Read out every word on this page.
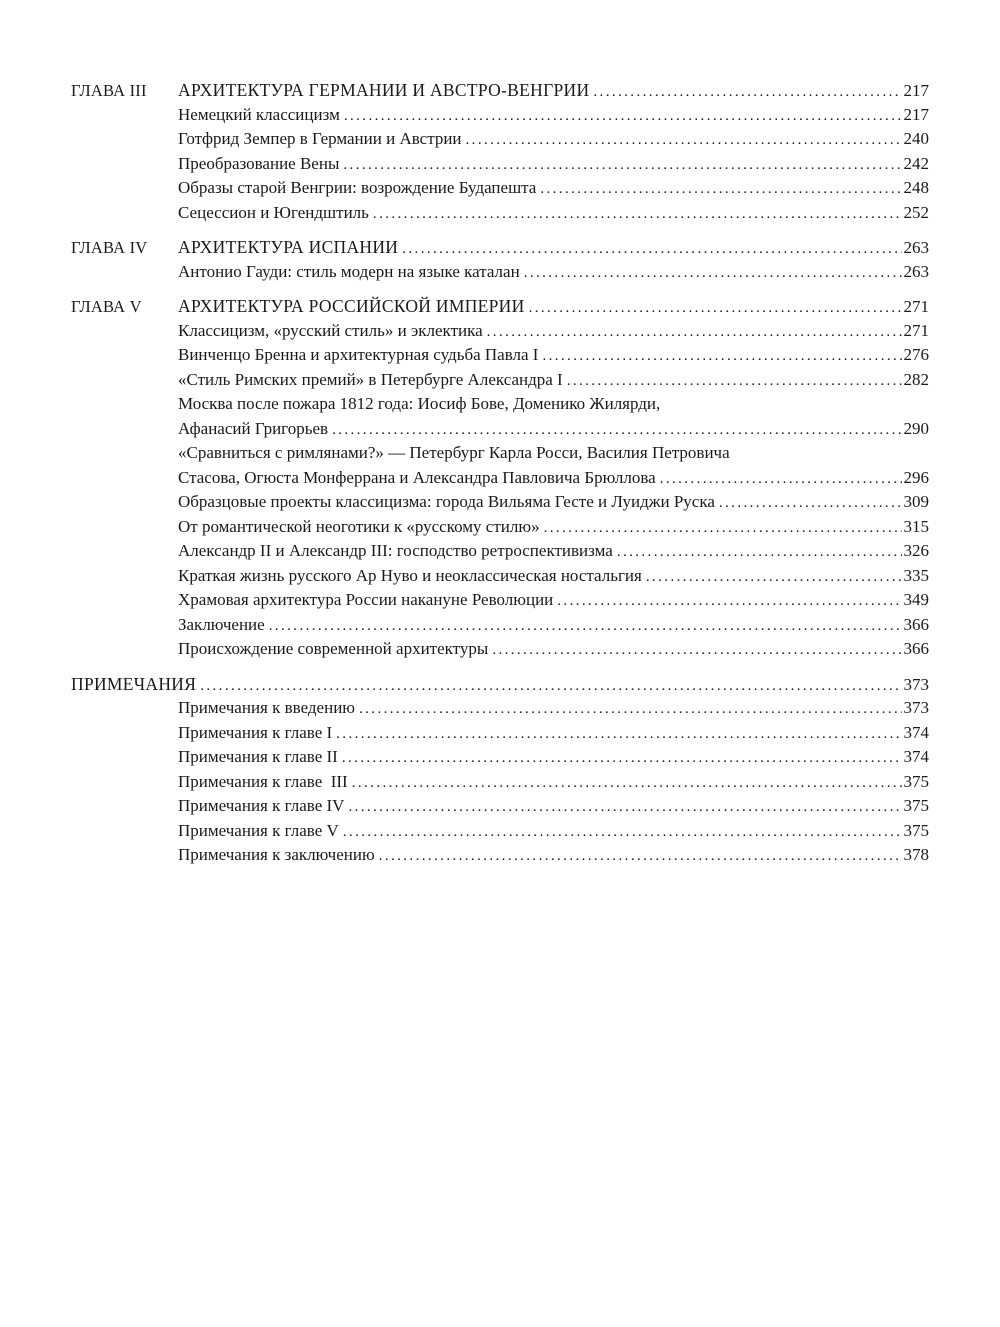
ГЛАВА III	АРХИТЕКТУРА ГЕРМАНИИ И АВСТРО-ВЕНГРИИ .....	217
Немецкий классицизм .....	217
Готфрид Земпер в Германии и Австрии .....	240
Преобразование Вены .....	242
Образы старой Венгрии: возрождение Будапешта .....	248
Сецессион и Югендштиль .....	252
ГЛАВА IV	АРХИТЕКТУРА ИСПАНИИ .....	263
Антонио Гауди: стиль модерн на языке каталан .....	263
ГЛАВА V	АРХИТЕКТУРА РОССИЙСКОЙ ИМПЕРИИ .....	271
Классицизм, «русский стиль» и эклектика .....	271
Винченцо Бренна и архитектурная судьба Павла I .....	276
«Стиль Римских премий» в Петербурге Александра I .....	282
Москва после пожара 1812 года: Иосиф Бове, Доменико Жилярди,
Афанасий Григорьев .....	290
«Сравниться с римлянами?» — Петербург Карла Росси, Василия Петровича
Стасова, Огюста Монферрана и Александра Павловича Брюллова .....	296
Образцовые проекты классицизма: города Вильяма Гесте и Луиджи Руска .....	309
От романтической неоготики к «русскому стилю» .....	315
Александр II и Александр III: господство ретроспективизма .....	326
Краткая жизнь русского Ар Нуво и неоклассическая ностальгия .....	335
Храмовая архитектура России накануне Революции .....	349
Заключение .....	366
Происхождение современной архитектуры .....	366
ПРИМЕЧАНИЯ .....	373
Примечания к введению .....	373
Примечания к главе I .....	374
Примечания к главе II .....	374
Примечания к главе  III .....	375
Примечания к главе IV .....	375
Примечания к главе V .....	375
Примечания к заключению .....	378
